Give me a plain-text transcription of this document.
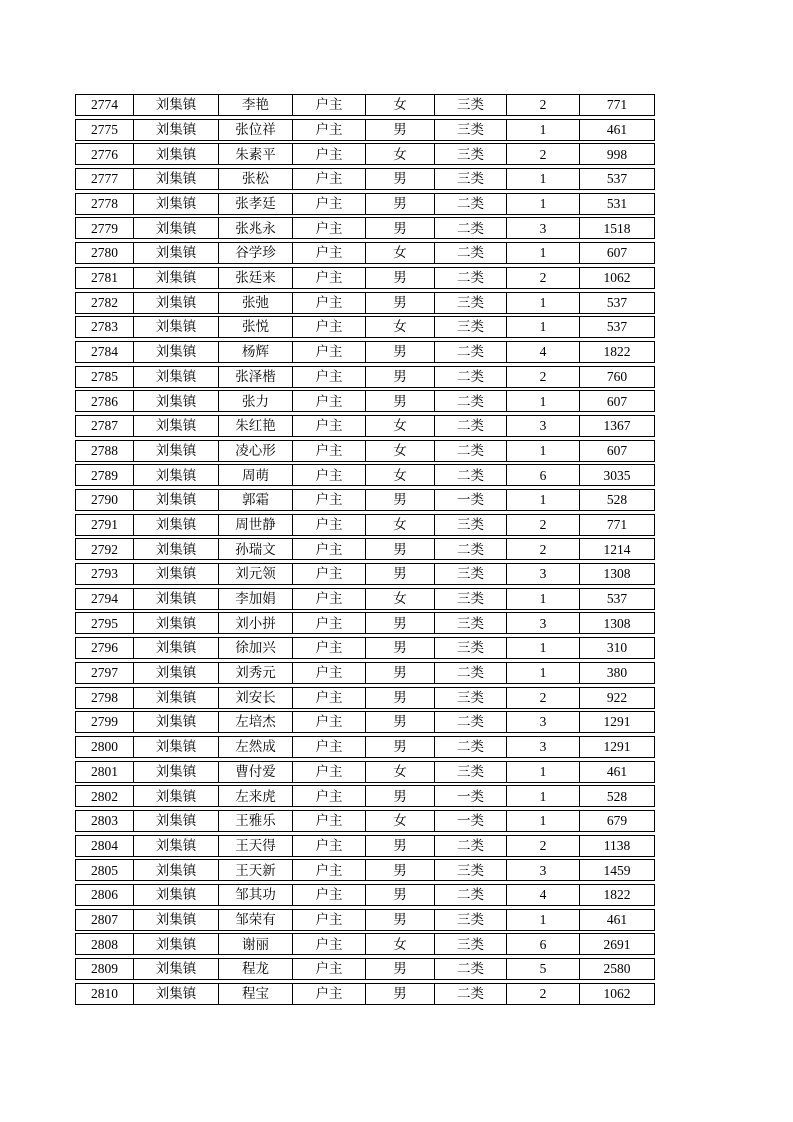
2774	刘集镇	李艳	户主	女	三类	2	771
2775	刘集镇	张位祥	户主	男	三类	1	461
2776	刘集镇	朱素平	户主	女	三类	2	998
2777	刘集镇	张松	户主	男	三类	1	537
2778	刘集镇	张孝廷	户主	男	二类	1	531
2779	刘集镇	张兆永	户主	男	二类	3	1518
2780	刘集镇	谷学珍	户主	女	二类	1	607
2781	刘集镇	张廷来	户主	男	二类	2	1062
2782	刘集镇	张弛	户主	男	三类	1	537
2783	刘集镇	张悦	户主	女	三类	1	537
2784	刘集镇	杨辉	户主	男	二类	4	1822
2785	刘集镇	张泽楷	户主	男	二类	2	760
2786	刘集镇	张力	户主	男	二类	1	607
2787	刘集镇	朱红艳	户主	女	二类	3	1367
2788	刘集镇	凌心形	户主	女	二类	1	607
2789	刘集镇	周萌	户主	女	二类	6	3035
2790	刘集镇	郭霜	户主	男	一类	1	528
2791	刘集镇	周世静	户主	女	三类	2	771
2792	刘集镇	孙瑞文	户主	男	二类	2	1214
2793	刘集镇	刘元领	户主	男	三类	3	1308
2794	刘集镇	李加娟	户主	女	三类	1	537
2795	刘集镇	刘小拼	户主	男	三类	3	1308
2796	刘集镇	徐加兴	户主	男	三类	1	310
2797	刘集镇	刘秀元	户主	男	二类	1	380
2798	刘集镇	刘安长	户主	男	三类	2	922
2799	刘集镇	左培杰	户主	男	二类	3	1291
2800	刘集镇	左然成	户主	男	二类	3	1291
2801	刘集镇	曹付爱	户主	女	三类	1	461
2802	刘集镇	左来虎	户主	男	一类	1	528
2803	刘集镇	王雅乐	户主	女	一类	1	679
2804	刘集镇	王天得	户主	男	二类	2	1138
2805	刘集镇	王天新	户主	男	三类	3	1459
2806	刘集镇	邹其功	户主	男	二类	4	1822
2807	刘集镇	邹荣有	户主	男	三类	1	461
2808	刘集镇	谢丽	户主	女	三类	6	2691
2809	刘集镇	程龙	户主	男	二类	5	2580
2810	刘集镇	程宝	户主	男	二类	2	1062
